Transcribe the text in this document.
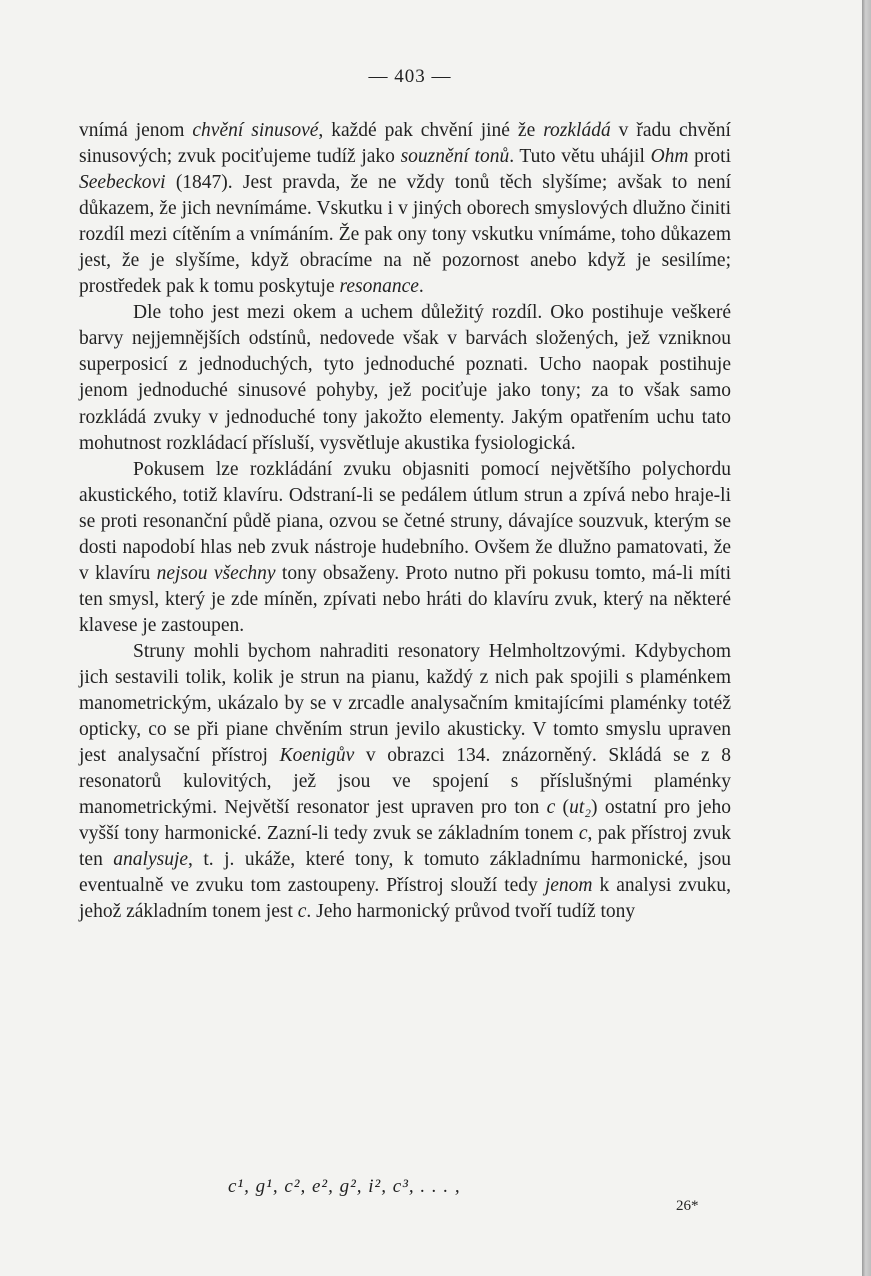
— 403 —

vnímá jenom chvění sinusové, každé pak chvění jiné že rozkládá v řadu chvění sinusových; zvuk pociťujeme tudíž jako souznění tonů. Tuto větu uhájil Ohm proti Seebeckovi (1847). Jest pravda, že ne vždy tonů těch slyšíme; avšak to není důkazem, že jich nevnímáme. Vskutku i v jiných oborech smyslových dlužno činiti rozdíl mezi cítěním a vnímáním. Že pak ony tony vskutku vnímáme, toho důkazem jest, že je slyšíme, když obracíme na ně pozornost anebo když je sesilíme; prostředek pak k tomu poskytuje resonance.

Dle toho jest mezi okem a uchem důležitý rozdíl. Oko postihuje veškeré barvy nejjemnějších odstínů, nedovede však v barvách složených, jež vzniknou superposicí z jednoduchých, tyto jednoduché poznati. Ucho naopak postihuje jenom jednoduché sinusové pohyby, jež pociťuje jako tony; za to však samo rozkládá zvuky v jednoduché tony jakožto elementy. Jakým opatřením uchu tato mohutnost rozkládací přísluší, vysvětluje akustika fysiologická.

Pokusem lze rozkládání zvuku objasniti pomocí největšího polychordu akustického, totiž klavíru. Odstraní-li se pedálem útlum strun a zpívá nebo hraje-li se proti resonanční půdě piana, ozvou se četné struny, dávajíce souzvuk, kterým se dosti napodobí hlas neb zvuk nástroje hudebního. Ovšem že dlužno pamatovati, že v klavíru nejsou všechny tony obsaženy. Proto nutno při pokusu tomto, má-li míti ten smysl, který je zde míněn, zpívati nebo hráti do klavíru zvuk, který na některé klavese je zastoupen.

Struny mohli bychom nahraditi resonatory Helmholtzovými. Kdybychom jich sestavili tolik, kolik je strun na pianu, každý z nich pak spojili s plaménkem manometrickým, ukázalo by se v zrcadle analysačním kmitajícími plaménky totéž opticky, co se při piane chvěním strun jevilo akusticky. V tomto smyslu upraven jest analysační přístroj Koenigův v obrazci 134. znázorněný. Skládá se z 8 resonatorů kulovitých, jež jsou ve spojení s příslušnými plaménky manometrickými. Největší resonator jest upraven pro ton c (ut₂) ostatní pro jeho vyšší tony harmonické. Zazní-li tedy zvuk se základním tonem c, pak přístroj zvuk ten analysuje, t. j. ukáže, které tony, k tomuto základnímu harmonické, jsou eventualně ve zvuku tom zastoupeny. Přístroj slouží tedy jenom k analysi zvuku, jehož základním tonem jest c. Jeho harmonický průvod tvoří tudíž tony

c¹, g¹, c², e², g², i², c³, . . . ,
26*
